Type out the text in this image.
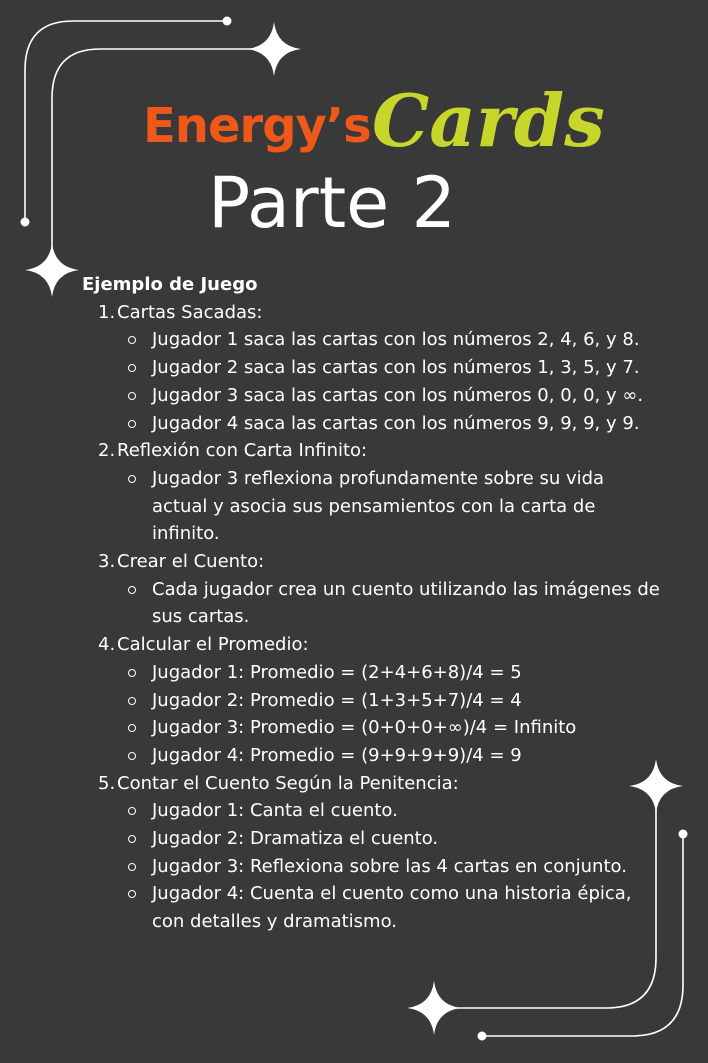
Energy’s Cards
Parte 2
Ejemplo de Juego
1. Cartas Sacadas:
Jugador 1 saca las cartas con los números 2, 4, 6, y 8.
Jugador 2 saca las cartas con los números 1, 3, 5, y 7.
Jugador 3 saca las cartas con los números 0, 0, 0, y ∞.
Jugador 4 saca las cartas con los números 9, 9, 9, y 9.
2. Reflexión con Carta Infinito:
Jugador 3 reflexiona profundamente sobre su vida actual y asocia sus pensamientos con la carta de infinito.
3. Crear el Cuento:
Cada jugador crea un cuento utilizando las imágenes de sus cartas.
4. Calcular el Promedio:
Jugador 1: Promedio = (2+4+6+8)/4 = 5
Jugador 2: Promedio = (1+3+5+7)/4 = 4
Jugador 3: Promedio = (0+0+0+∞)/4 = Infinito
Jugador 4: Promedio = (9+9+9+9)/4 = 9
5. Contar el Cuento Según la Penitencia:
Jugador 1: Canta el cuento.
Jugador 2: Dramatiza el cuento.
Jugador 3: Reflexiona sobre las 4 cartas en conjunto.
Jugador 4: Cuenta el cuento como una historia épica, con detalles y dramatismo.
